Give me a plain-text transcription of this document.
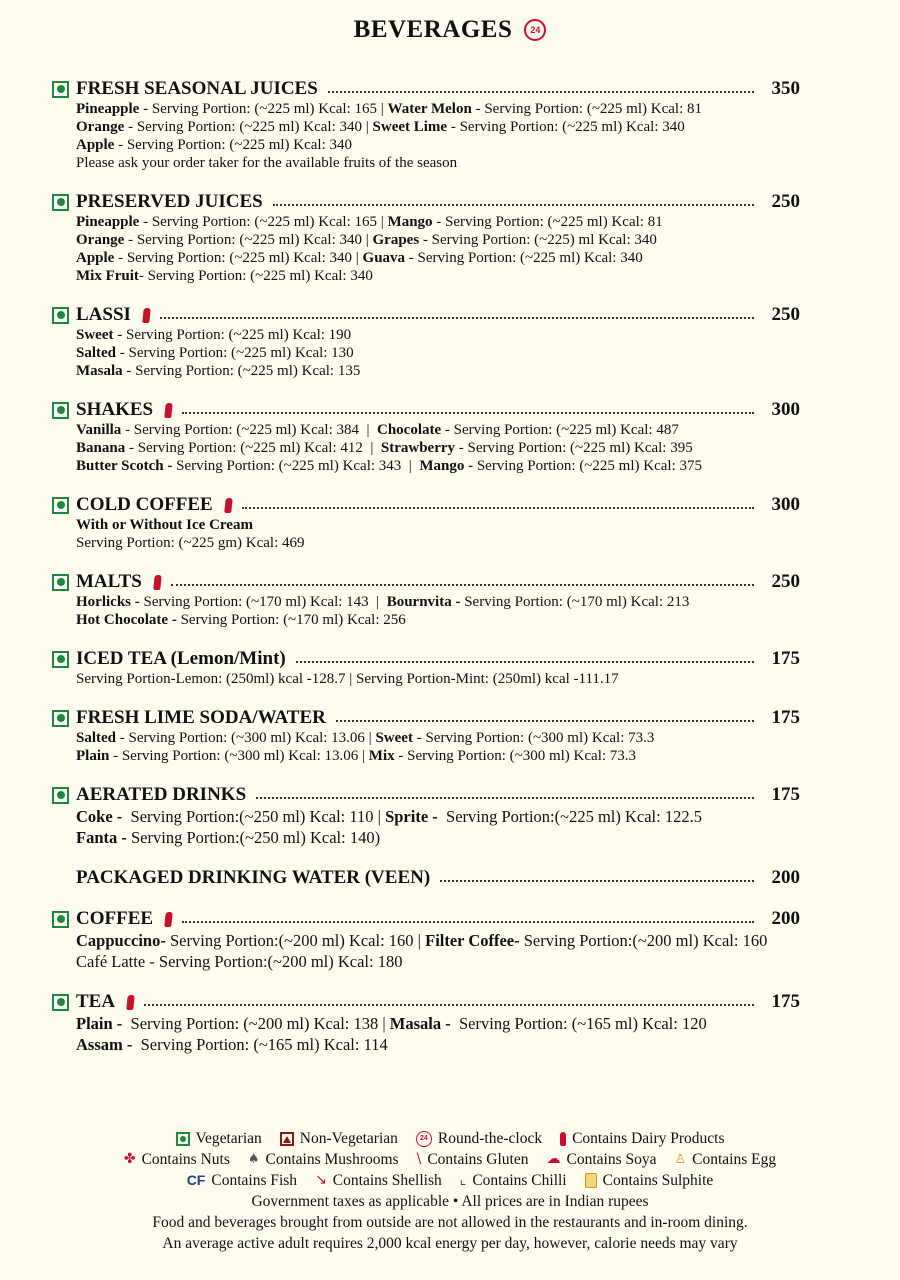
BEVERAGES	24
FRESH SEASONAL JUICES	350
Pineapple - Serving Portion: (~225 ml) Kcal: 165 | Water Melon - Serving Portion: (~225 ml) Kcal: 81
Orange - Serving Portion: (~225 ml) Kcal: 340 | Sweet Lime - Serving Portion: (~225 ml) Kcal: 340
Apple - Serving Portion: (~225 ml) Kcal: 340
Please ask your order taker for the available fruits of the season
PRESERVED JUICES	250
Pineapple - Serving Portion: (~225 ml) Kcal: 165 | Mango - Serving Portion: (~225 ml) Kcal: 81
Orange - Serving Portion: (~225 ml) Kcal: 340 | Grapes - Serving Portion: (~225) ml Kcal: 340
Apple - Serving Portion: (~225 ml) Kcal: 340 | Guava - Serving Portion: (~225 ml) Kcal: 340
Mix Fruit- Serving Portion: (~225 ml) Kcal: 340
LASSI	250
Sweet - Serving Portion: (~225 ml) Kcal: 190
Salted - Serving Portion: (~225 ml) Kcal: 130
Masala - Serving Portion: (~225 ml) Kcal: 135
SHAKES	300
Vanilla - Serving Portion: (~225 ml) Kcal: 384  |  Chocolate - Serving Portion: (~225 ml) Kcal: 487
Banana - Serving Portion: (~225 ml) Kcal: 412  |  Strawberry - Serving Portion: (~225 ml) Kcal: 395
Butter Scotch - Serving Portion: (~225 ml) Kcal: 343  |  Mango - Serving Portion: (~225 ml) Kcal: 375
COLD COFFEE	300
With or Without Ice Cream
Serving Portion: (~225 gm) Kcal: 469
MALTS	250
Horlicks - Serving Portion: (~170 ml) Kcal: 143  |  Bournvita - Serving Portion: (~170 ml) Kcal: 213
Hot Chocolate - Serving Portion: (~170 ml) Kcal: 256
ICED TEA (Lemon/Mint)	175
Serving Portion-Lemon: (250ml) kcal -128.7 | Serving Portion-Mint: (250ml) kcal -111.17
FRESH LIME SODA/WATER	175
Salted - Serving Portion: (~300 ml) Kcal: 13.06 | Sweet - Serving Portion: (~300 ml) Kcal: 73.3
Plain - Serving Portion: (~300 ml) Kcal: 13.06 | Mix - Serving Portion: (~300 ml) Kcal: 73.3
AERATED DRINKS	175
Coke -  Serving Portion:(~250 ml) Kcal: 110 | Sprite -  Serving Portion:(~225 ml) Kcal: 122.5
Fanta - Serving Portion:(~250 ml) Kcal: 140)
PACKAGED DRINKING WATER (VEEN)	200
COFFEE	200
Cappuccino- Serving Portion:(~200 ml) Kcal: 160 | Filter Coffee- Serving Portion:(~200 ml) Kcal: 160
Café Latte - Serving Portion:(~200 ml) Kcal: 180
TEA	175
Plain -  Serving Portion: (~200 ml) Kcal: 138 | Masala -  Serving Portion: (~165 ml) Kcal: 120
Assam -  Serving Portion: (~165 ml) Kcal: 114
Vegetarian Non-Vegetarian	24 Round-the-clock Contains Dairy Products
✤ Contains Nuts ♠ Contains Mushrooms \ Contains Gluten ☁ Contains Soya ♙ Contains Egg
CF Contains Fish ↘ Contains Shellish ⌞ Contains Chilli Contains Sulphite
Government taxes as applicable • All prices are in Indian rupees
Food and beverages brought from outside are not allowed in the restaurants and in-room dining.
An average active adult requires 2,000 kcal energy per day, however, calorie needs may vary
